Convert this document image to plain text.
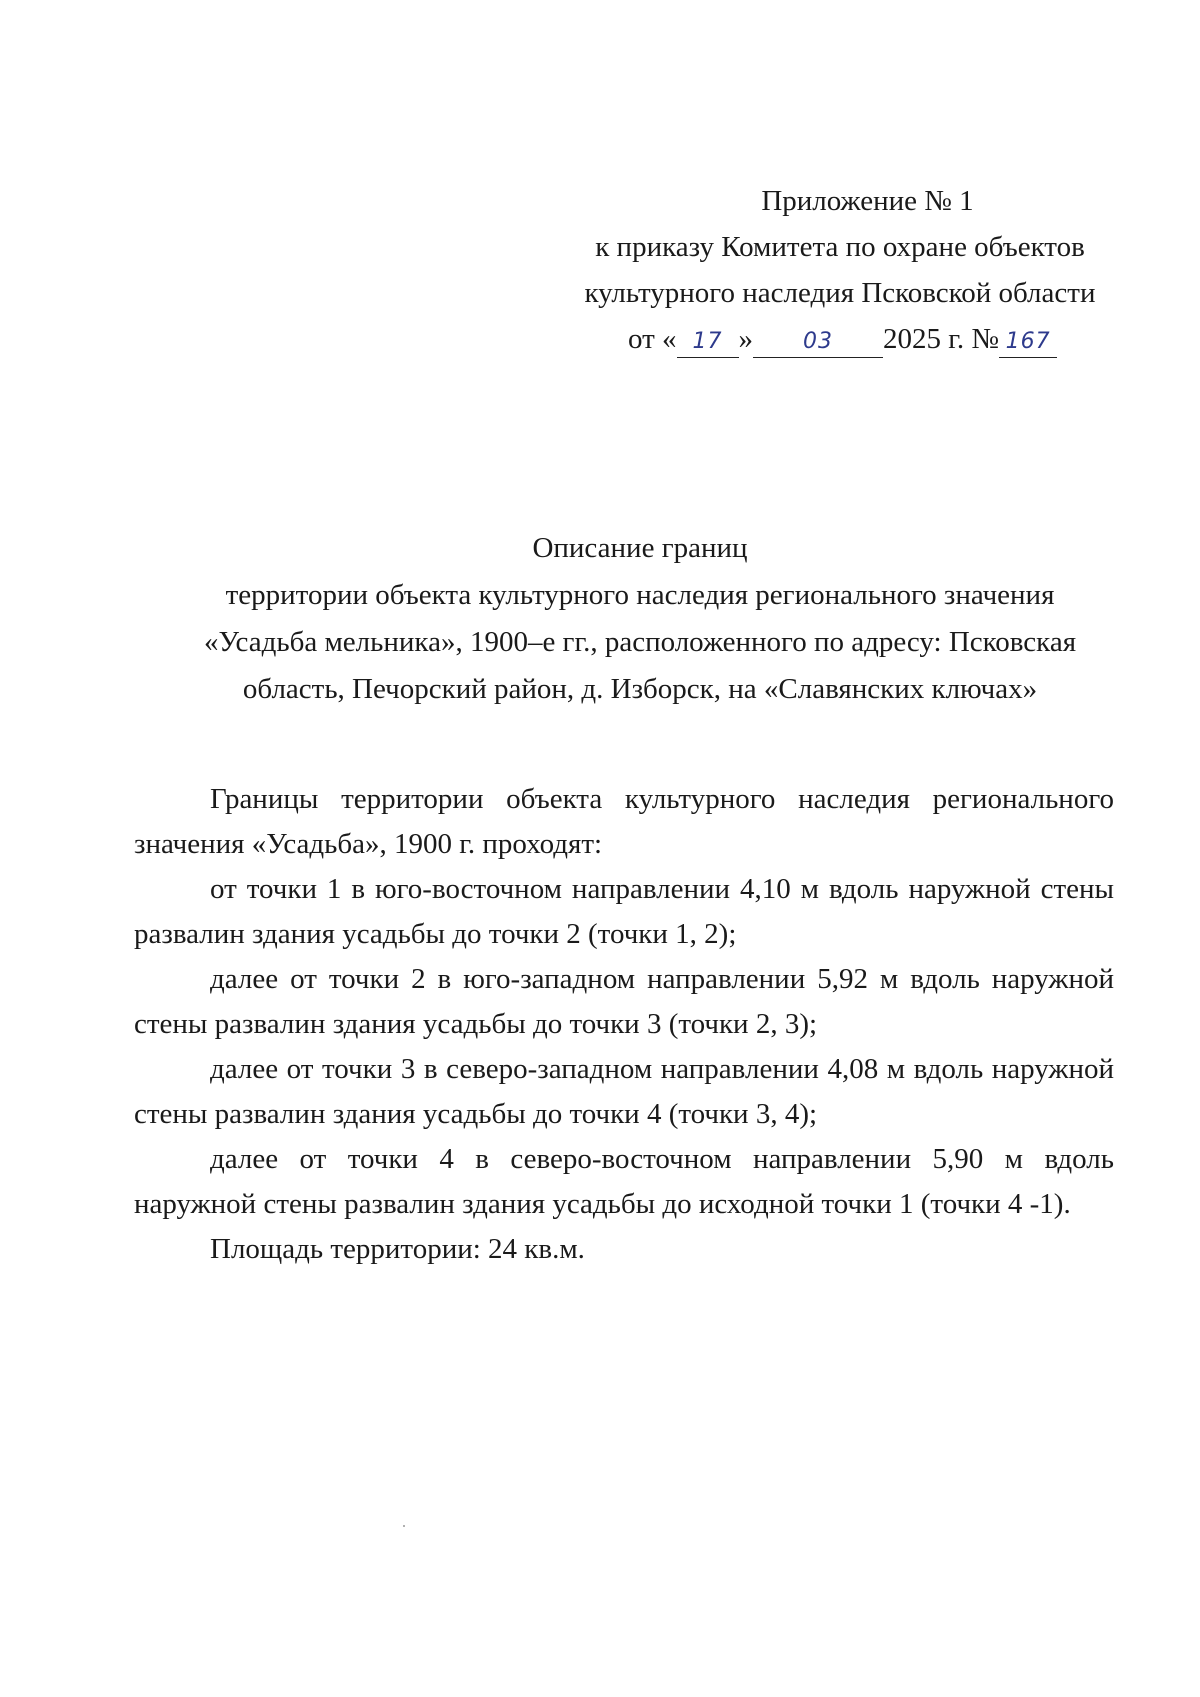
Приложение № 1
к приказу Комитета по охране объектов
культурного наследия Псковской области
от « 17 » 03 2025 г. № 167
Описание границ
территории объекта культурного наследия регионального значения
«Усадьба мельника», 1900–е гг., расположенного по адресу: Псковская
область, Печорский район, д. Изборск, на «Славянских ключах»

Границы территории объекта культурного наследия регионального значения «Усадьба», 1900 г. проходят:

от точки 1 в юго-восточном направлении 4,10 м вдоль наружной стены развалин здания усадьбы до точки 2 (точки 1, 2);

далее от точки 2 в юго-западном направлении 5,92 м вдоль наружной стены развалин здания усадьбы до точки 3 (точки 2, 3);

далее от точки 3 в северо-западном направлении 4,08 м вдоль наружной стены развалин здания усадьбы до точки 4 (точки 3, 4);

далее от точки 4 в северо-восточном направлении 5,90 м вдоль наружной стены развалин здания усадьбы до исходной точки 1 (точки 4 -1).

Площадь территории: 24 кв.м.
